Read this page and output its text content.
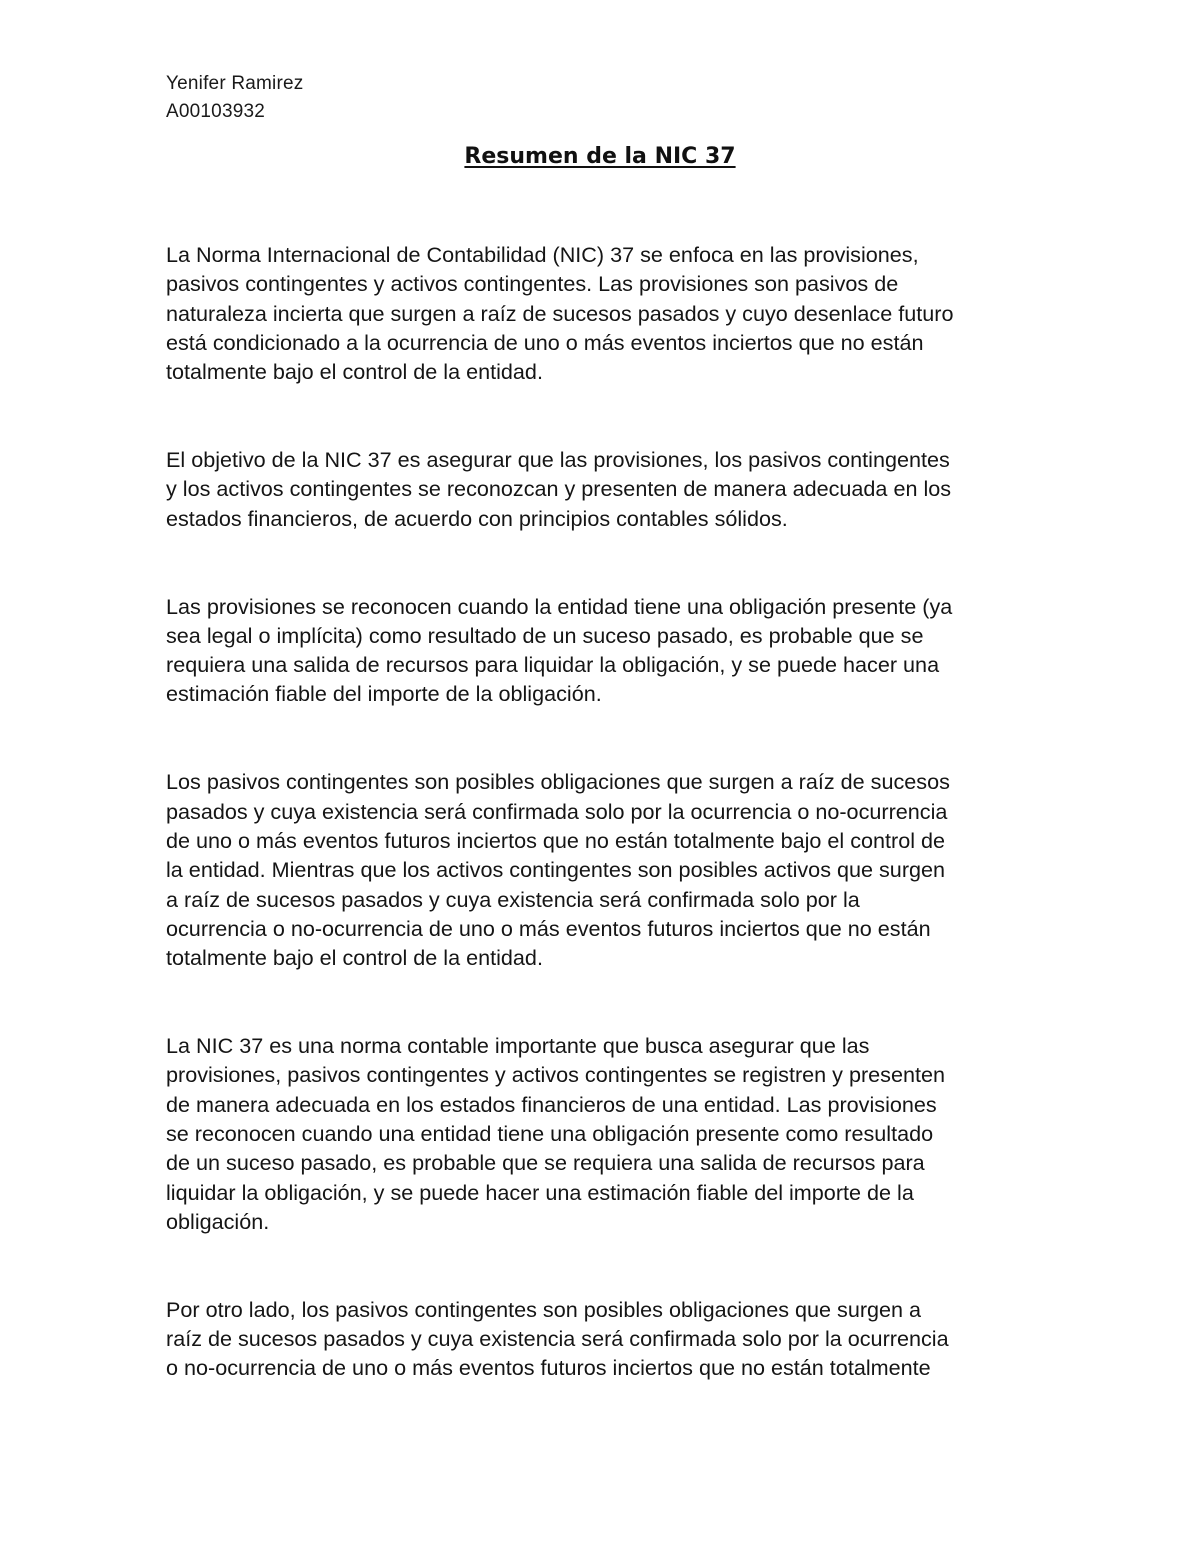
Yenifer Ramirez
A00103932
Resumen de la NIC 37
La Norma Internacional de Contabilidad (NIC) 37 se enfoca en las provisiones,
pasivos contingentes y activos contingentes. Las provisiones son pasivos de
naturaleza incierta que surgen a raíz de sucesos pasados y cuyo desenlace futuro
está condicionado a la ocurrencia de uno o más eventos inciertos que no están
totalmente bajo el control de la entidad.
El objetivo de la NIC 37 es asegurar que las provisiones, los pasivos contingentes
y los activos contingentes se reconozcan y presenten de manera adecuada en los
estados financieros, de acuerdo con principios contables sólidos.
Las provisiones se reconocen cuando la entidad tiene una obligación presente (ya
sea legal o implícita) como resultado de un suceso pasado, es probable que se
requiera una salida de recursos para liquidar la obligación, y se puede hacer una
estimación fiable del importe de la obligación.
Los pasivos contingentes son posibles obligaciones que surgen a raíz de sucesos
pasados y cuya existencia será confirmada solo por la ocurrencia o no-ocurrencia
de uno o más eventos futuros inciertos que no están totalmente bajo el control de
la entidad. Mientras que los activos contingentes son posibles activos que surgen
a raíz de sucesos pasados y cuya existencia será confirmada solo por la
ocurrencia o no-ocurrencia de uno o más eventos futuros inciertos que no están
totalmente bajo el control de la entidad.
La NIC 37 es una norma contable importante que busca asegurar que las
provisiones, pasivos contingentes y activos contingentes se registren y presenten
de manera adecuada en los estados financieros de una entidad. Las provisiones
se reconocen cuando una entidad tiene una obligación presente como resultado
de un suceso pasado, es probable que se requiera una salida de recursos para
liquidar la obligación, y se puede hacer una estimación fiable del importe de la
obligación.
Por otro lado, los pasivos contingentes son posibles obligaciones que surgen a
raíz de sucesos pasados y cuya existencia será confirmada solo por la ocurrencia
o no-ocurrencia de uno o más eventos futuros inciertos que no están totalmente
